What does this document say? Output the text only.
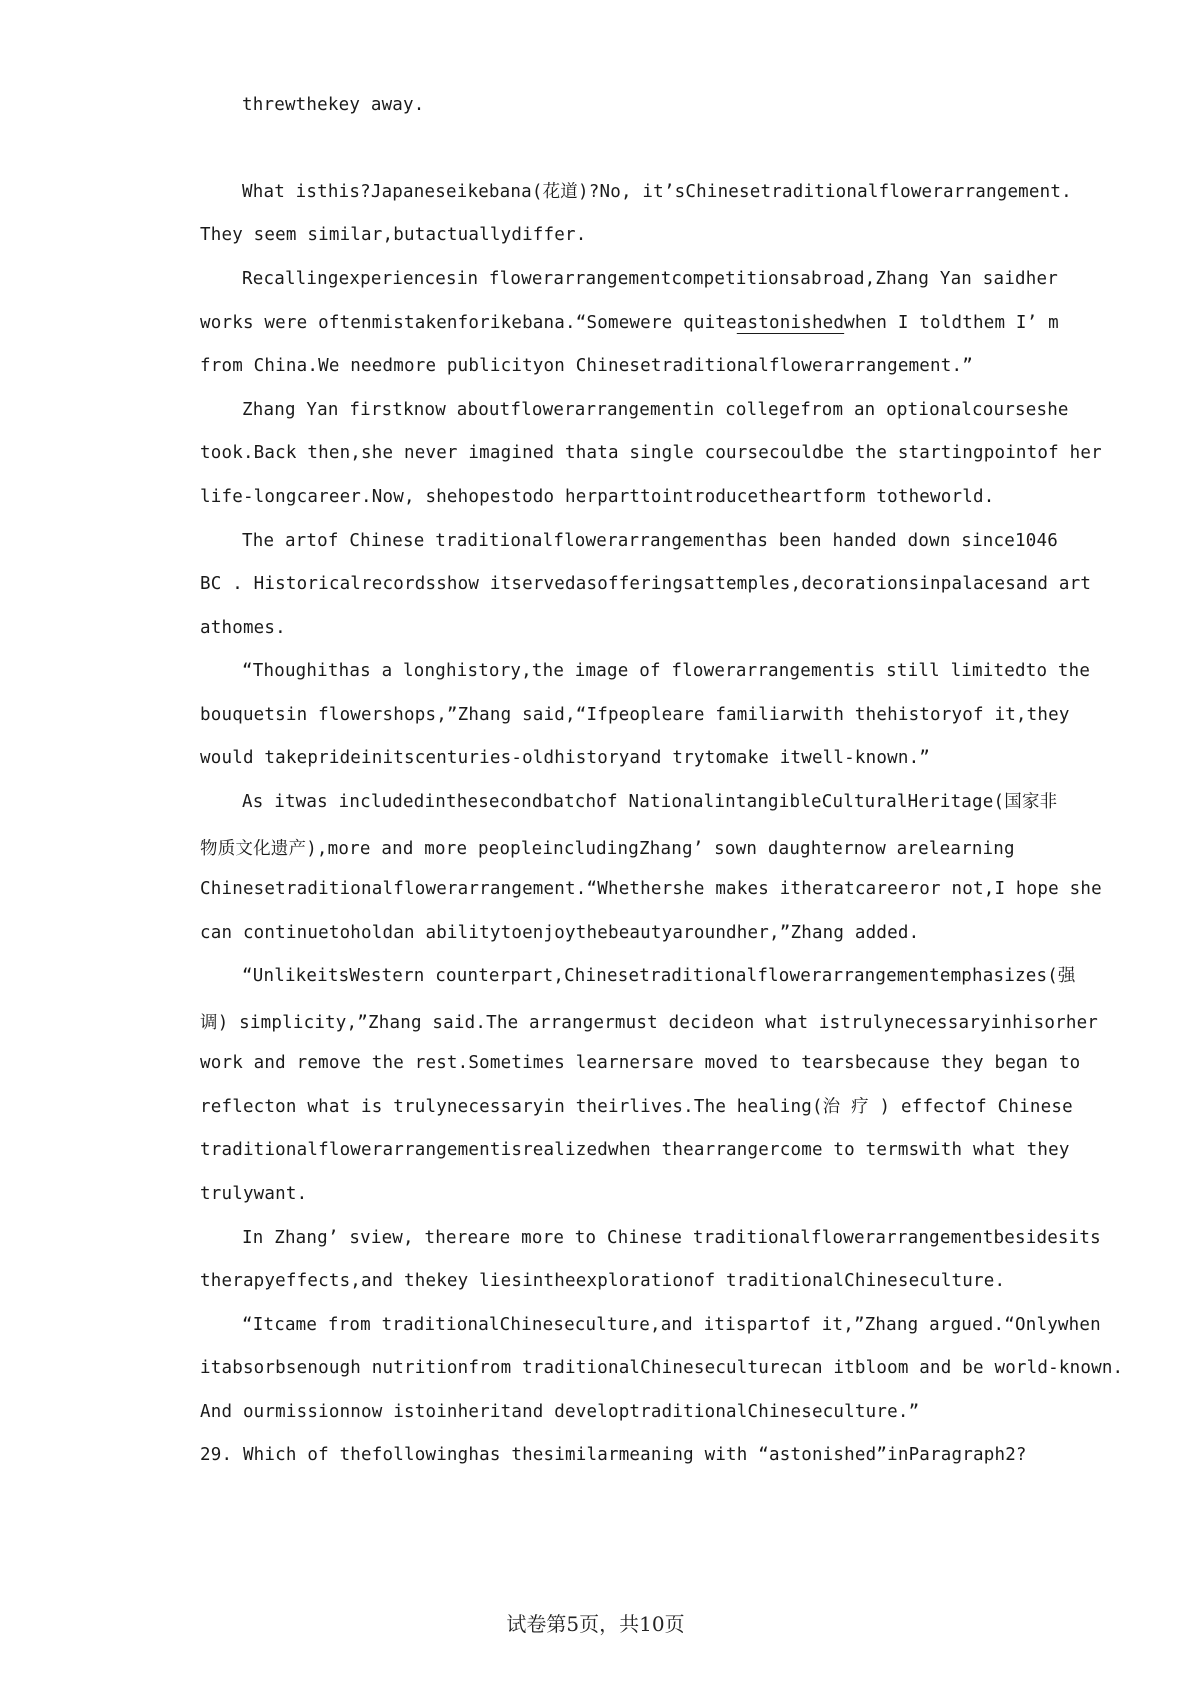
threwthekey away.
What isthis?Japaneseikebana(花道)?No, it’sChinesetraditionalflowerarrangement.
They seem similar,butactuallydiffer.
Recallingexperiencesin flowerarrangementcompetitionsabroad,Zhang Yan saidher
works were oftenmistakenforikebana.“Somewere quiteastonishedwhen I toldthem I’ m
from China.We needmore publicityon Chinesetraditionalflowerarrangement.”
Zhang Yan firstknow aboutflowerarrangementin collegefrom an optionalcourseshe
took.Back then,she never imagined thata single coursecouldbe the startingpointof her
life-longcareer.Now, shehopestodo herparttointroducetheartform totheworld.
The artof Chinese traditionalflowerarrangementhas been handed down since1046
BC . Historicalrecordsshow itservedasofferingsattemples,decorationsinpalacesand art
athomes.
“Thoughithas a longhistory,the image of flowerarrangementis still limitedto the
bouquetsin flowershops,”Zhang said,“Ifpeopleare familiarwith thehistoryof it,they
would takeprideinitscenturies-oldhistoryand trytomake itwell-known.”
As itwas includedinthesecondbatchof NationalintangibleCulturalHeritage(国家非
物质文化遗产),more and more peopleincludingZhang’ sown daughternow arelearning
Chinesetraditionalflowerarrangement.“Whethershe makes itheratcareeror not,I hope she
can continuetoholdan abilitytoenjoythebeautyaroundher,”Zhang added.
“UnlikeitsWestern counterpart,Chinesetraditionalflowerarrangementemphasizes(强
调) simplicity,”Zhang said.The arrangermust decideon what istrulynecessaryinhisorher
work and remove the rest.Sometimes learnersare moved to tearsbecause they began to
reflecton what is trulynecessaryin theirlives.The healing(治 疗 ) effectof Chinese
traditionalflowerarrangementisrealizedwhen thearrangercome to termswith what they
trulywant.
In Zhang’ sview, thereare more to Chinese traditionalflowerarrangementbesidesits
therapyeffects,and thekey liesintheexplorationof traditionalChineseculture.
“Itcame from traditionalChineseculture,and itispartof it,”Zhang argued.“Onlywhen
itabsorbsenough nutritionfrom traditionalChineseculturecan itbloom and be world-known.
And ourmissionnow istoinheritand developtraditionalChineseculture.”
29. Which of thefollowinghas thesimilarmeaning with “astonished”inParagraph2?
试卷第5页，共10页
